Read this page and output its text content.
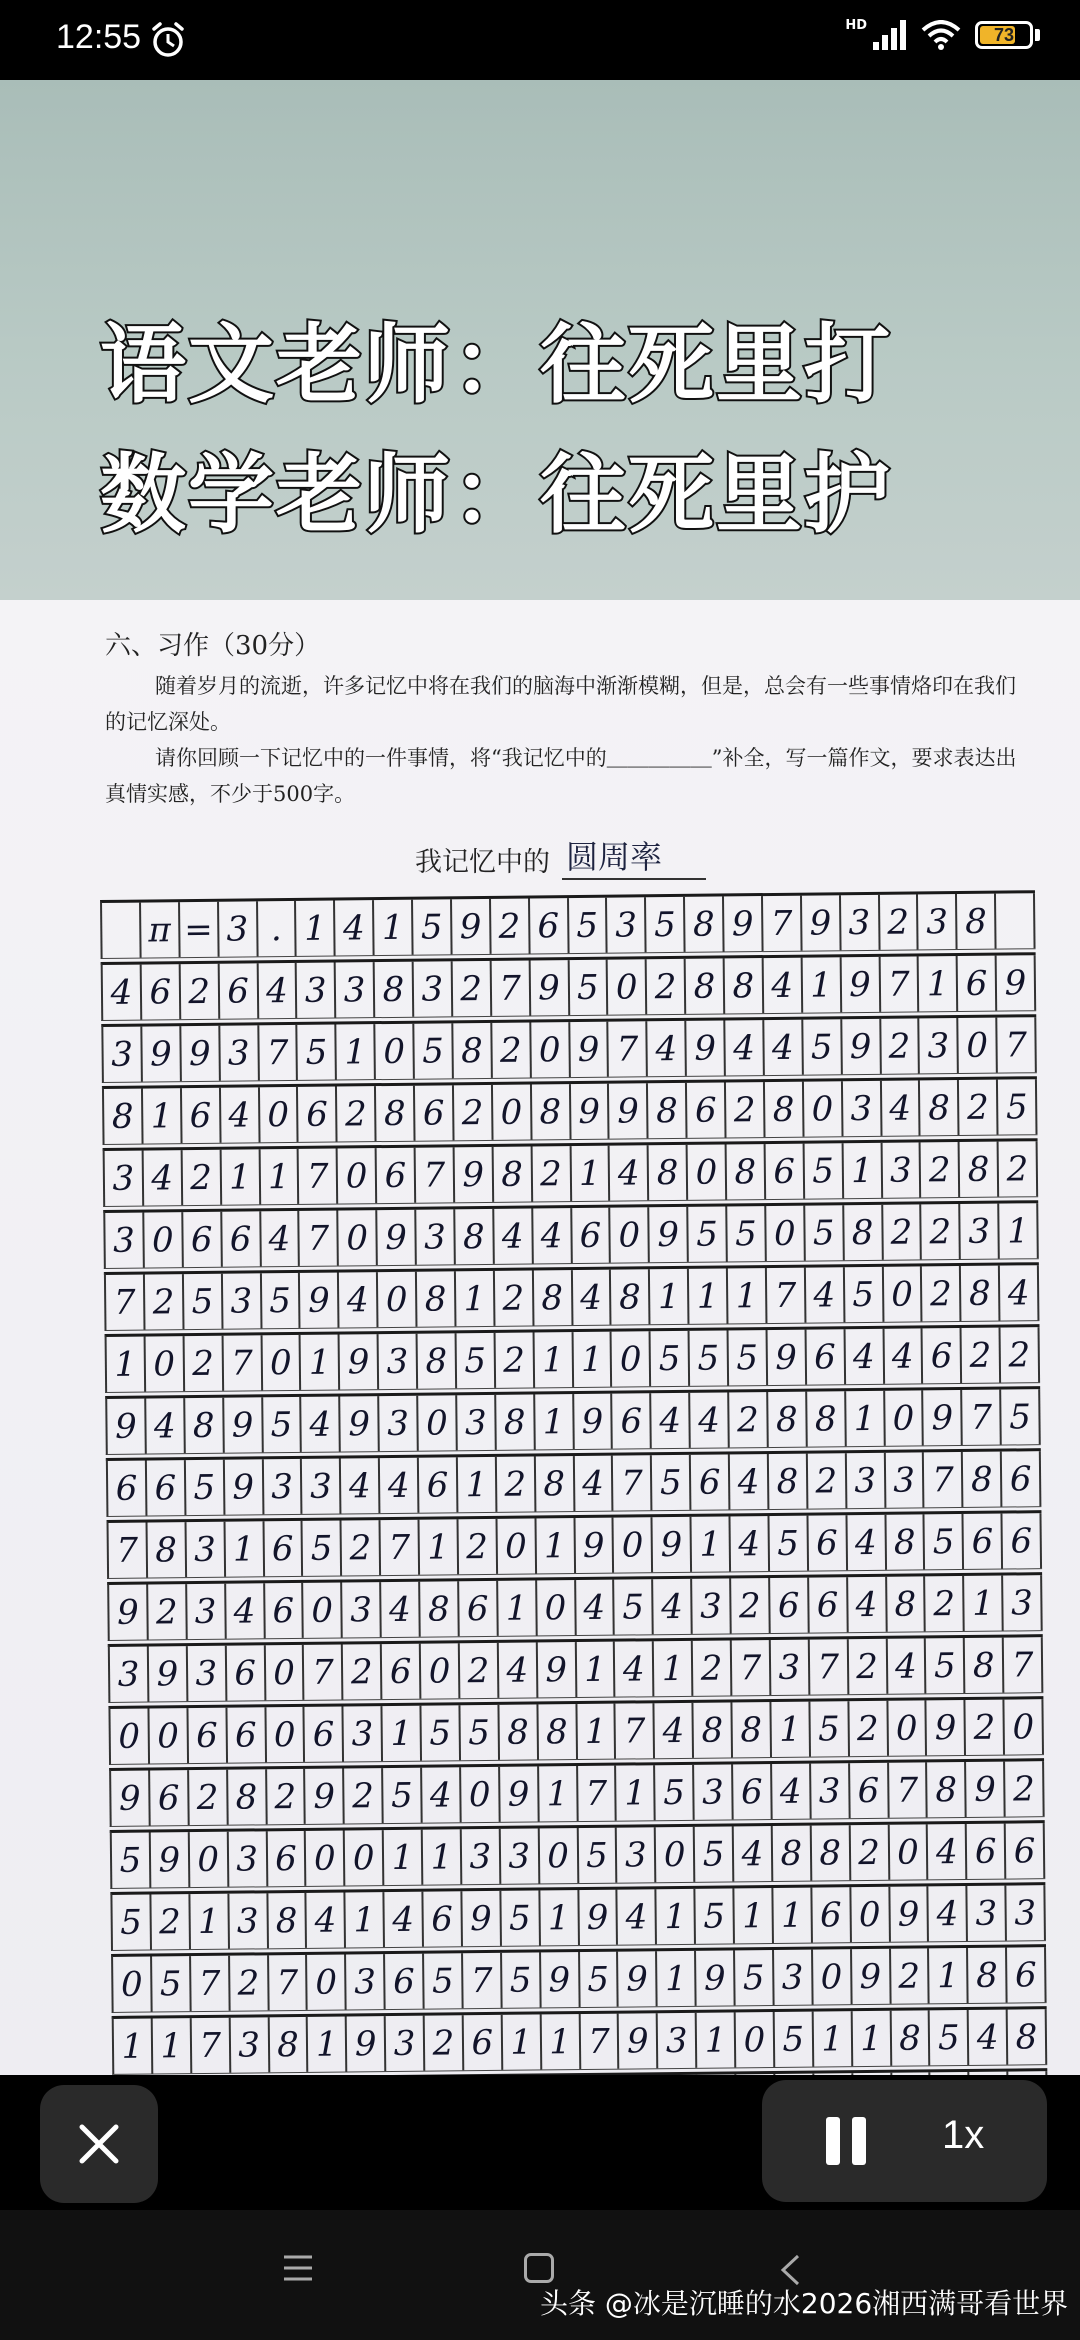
12:55	HD	73
语文老师：往死里打
数学老师：往死里护
六、习作（30分）
随着岁月的流逝，许多记忆中将在我们的脑海中渐渐模糊，但是，总会有一些事情烙印在我们的记忆深处。
请你回顾一下记忆中的一件事情，将“我记忆中的＿＿＿＿＿”补全，写一篇作文，要求表达出真情实感，不少于500字。
我记忆中的 圆周率
π = 3 . 1 4 1 5 9 2 6 5 3 5 8 9 7 9 3 2 3 8
4 6 2 6 4 3 3 8 3 2 7 9 5 0 2 8 8 4 1 9 7 1 6 9
3 9 9 3 7 5 1 0 5 8 2 0 9 7 4 9 4 4 5 9 2 3 0 7
8 1 6 4 0 6 2 8 6 2 0 8 9 9 8 6 2 8 0 3 4 8 2 5
3 4 2 1 1 7 0 6 7 9 8 2 1 4 8 0 8 6 5 1 3 2 8 2
3 0 6 6 4 7 0 9 3 8 4 4 6 0 9 5 5 0 5 8 2 2 3 1
7 2 5 3 5 9 4 0 8 1 2 8 4 8 1 1 1 7 4 5 0 2 8 4
1 0 2 7 0 1 9 3 8 5 2 1 1 0 5 5 5 9 6 4 4 6 2 2
9 4 8 9 5 4 9 3 0 3 8 1 9 6 4 4 2 8 8 1 0 9 7 5
6 6 5 9 3 3 4 4 6 1 2 8 4 7 5 6 4 8 2 3 3 7 8 6
7 8 3 1 6 5 2 7 1 2 0 1 9 0 9 1 4 5 6 4 8 5 6 6
9 2 3 4 6 0 3 4 8 6 1 0 4 5 4 3 2 6 6 4 8 2 1 3
3 9 3 6 0 7 2 6 0 2 4 9 1 4 1 2 7 3 7 2 4 5 8 7
0 0 6 6 0 6 3 1 5 5 8 8 1 7 4 8 8 1 5 2 0 9 2 0
9 6 2 8 2 9 2 5 4 0 9 1 7 1 5 3 6 4 3 6 7 8 9 2
5 9 0 3 6 0 0 1 1 3 3 0 5 3 0 5 4 8 8 2 0 4 6 6
5 2 1 3 8 4 1 4 6 9 5 1 9 4 1 5 1 1 6 0 9 4 3 3
0 5 7 2 7 0 3 6 5 7 5 9 5 9 1 9 5 3 0 9 2 1 8 6
1 1 7 3 8 1 9 3 2 6 1 1 7 9 3 1 0 5 1 1 8 5 4 8
1x
头条 @冰是沉睡的水2026湘西满哥看世界
